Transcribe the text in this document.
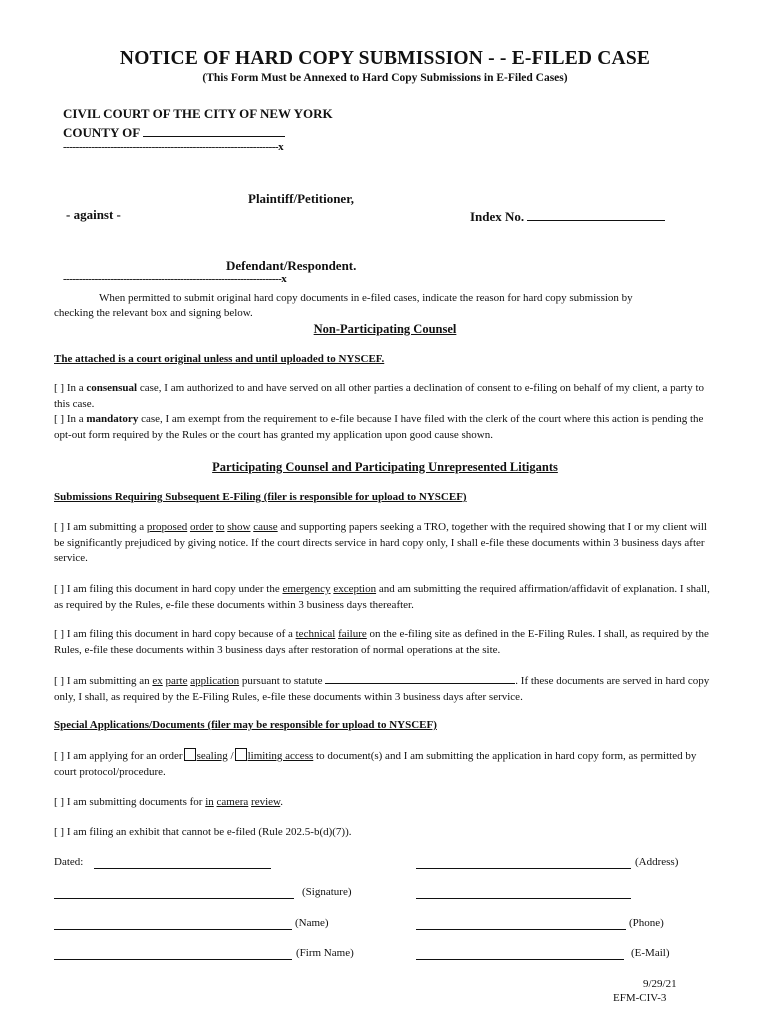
NOTICE OF HARD COPY SUBMISSION - - E-FILED CASE
(This Form Must be Annexed to Hard Copy Submissions in E-Filed Cases)
CIVIL COURT OF THE CITY OF NEW YORK
COUNTY OF
--------------------------------------------------------------------x
Plaintiff/Petitioner,
- against -	Index No.
Defendant/Respondent.
---------------------------------------------------------------------x
When permitted to submit original hard copy documents in e-filed cases, indicate the reason for hard copy submission by
checking the relevant box and signing below.
Non-Participating Counsel
The attached is a court original unless and until uploaded to NYSCEF.
[ ] In a consensual case, I am authorized to and have served on all other parties a declination of consent to e-filing on behalf of my client, a party to this case.
[ ] In a mandatory case, I am exempt from the requirement to e-file because I have filed with the clerk of the court where this action is pending the opt-out form required by the Rules or the court has granted my application upon good cause shown.
Participating Counsel and Participating Unrepresented Litigants
Submissions Requiring Subsequent E-Filing (filer is responsible for upload to NYSCEF)
[ ] I am submitting a proposed order to show cause and supporting papers seeking a TRO, together with the required showing that I or my client will be significantly prejudiced by giving notice. If the court directs service in hard copy only, I shall e-file these documents within 3 business days after service.
[ ] I am filing this document in hard copy under the emergency exception and am submitting the required affirmation/affidavit of explanation. I shall, as required by the Rules, e-file these documents within 3 business days thereafter.
[ ] I am filing this document in hard copy because of a technical failure on the e-filing site as defined in the E-Filing Rules. I shall, as required by the Rules, e-file these documents within 3 business days after restoration of normal operations at the site.
[ ] I am submitting an ex parte application pursuant to statute	. If these documents are served in hard copy only, I shall, as required by the E-Filing Rules, e-file these documents within 3 business days after service.
Special Applications/Documents (filer may be responsible for upload to NYSCEF)
[ ] I am applying for an order sealing / limiting access to document(s) and I am submitting the application in hard copy form, as permitted by court protocol/procedure.
[ ] I am submitting documents for in camera review.
[ ] I am filing an exhibit that cannot be e-filed (Rule 202.5-b(d)(7)).
Dated:	(Address)
(Signature)
(Name)	(Phone)
(Firm Name)	(E-Mail)
9/29/21
EFM-CIV-3
